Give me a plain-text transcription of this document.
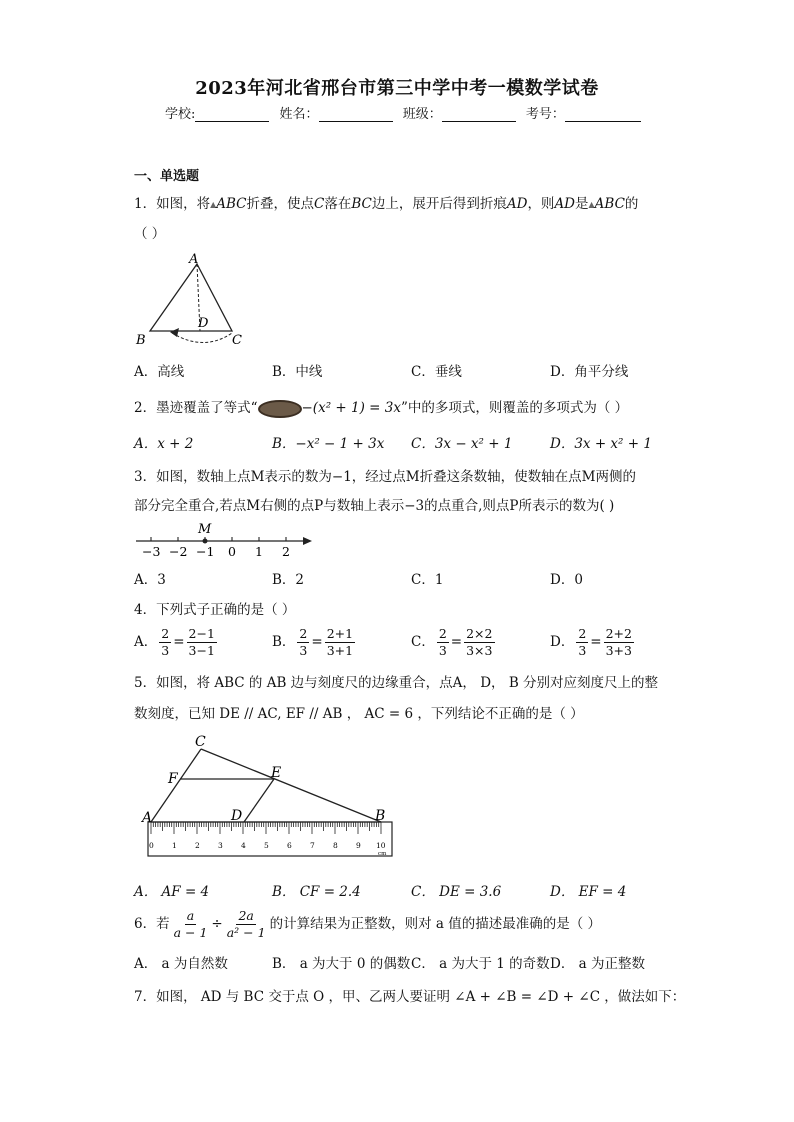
2023年河北省邢台市第三中学中考一模数学试卷
学校:	姓名：	班级：	考号：
一、单选题
1．如图，将▲ABC折叠，使点C落在BC边上，展开后得到折痕AD，则AD是▲ABC的
（ ）
A
B	C
D
A．高线	B．中线	C．垂线	D．角平分线
2．墨迹覆盖了等式“	−(x² + 1) = 3x”中的多项式，则覆盖的多项式为（ ）
A．x + 2	B．−x² − 1 + 3x C．3x − x² + 1	D．3x + x² + 1
3．如图，数轴上点M表示的数为−1，经过点M折叠这条数轴，使数轴在点M两侧的
部分完全重合,若点M右侧的点P与数轴上表示−3的点重合,则点P所表示的数为( )
M
−3 −2 −1 0 1 2
A．3	B．2	C．1	D．0
4．下列式子正确的是（ ）
A． $\frac{2}{3} = \frac{2-1}{3-1}$	B． $\frac{2}{3} = \frac{2+1}{3+1}$	C． $\frac{2}{3} = \frac{2\times 2}{3\times 3}$	D． $\frac{2}{3} = \frac{2+2}{3+3}$
5．如图，将 ABC 的 AB 边与刻度尺的边缘重合，点A， D， B 分别对应刻度尺上的整
数刻度，已知 DE // AC, EF // AB ， AC = 6 ，下列结论不正确的是（ ）
0 1 2 3 4 5 6 7 8 9 10
cm
C
F	E
D
A	B
A． AF = 4	B． CF = 2.4	C． DE = 3.6	D． EF = 4
6．若 $\frac{a}{a - 1} \div \frac{2a}{\text{a² − 1}}$ 的计算结果为正整数，则对 a 值的描述最准确的是（ ）
A． a 为自然数	B． a 为大于 0 的偶数 C． a 为大于 1 的奇数 D． a 为正整数
7．如图， AD 与 BC 交于点 O ，甲、乙两人要证明 ∠A + ∠B = ∠D + ∠C ，做法如下：
